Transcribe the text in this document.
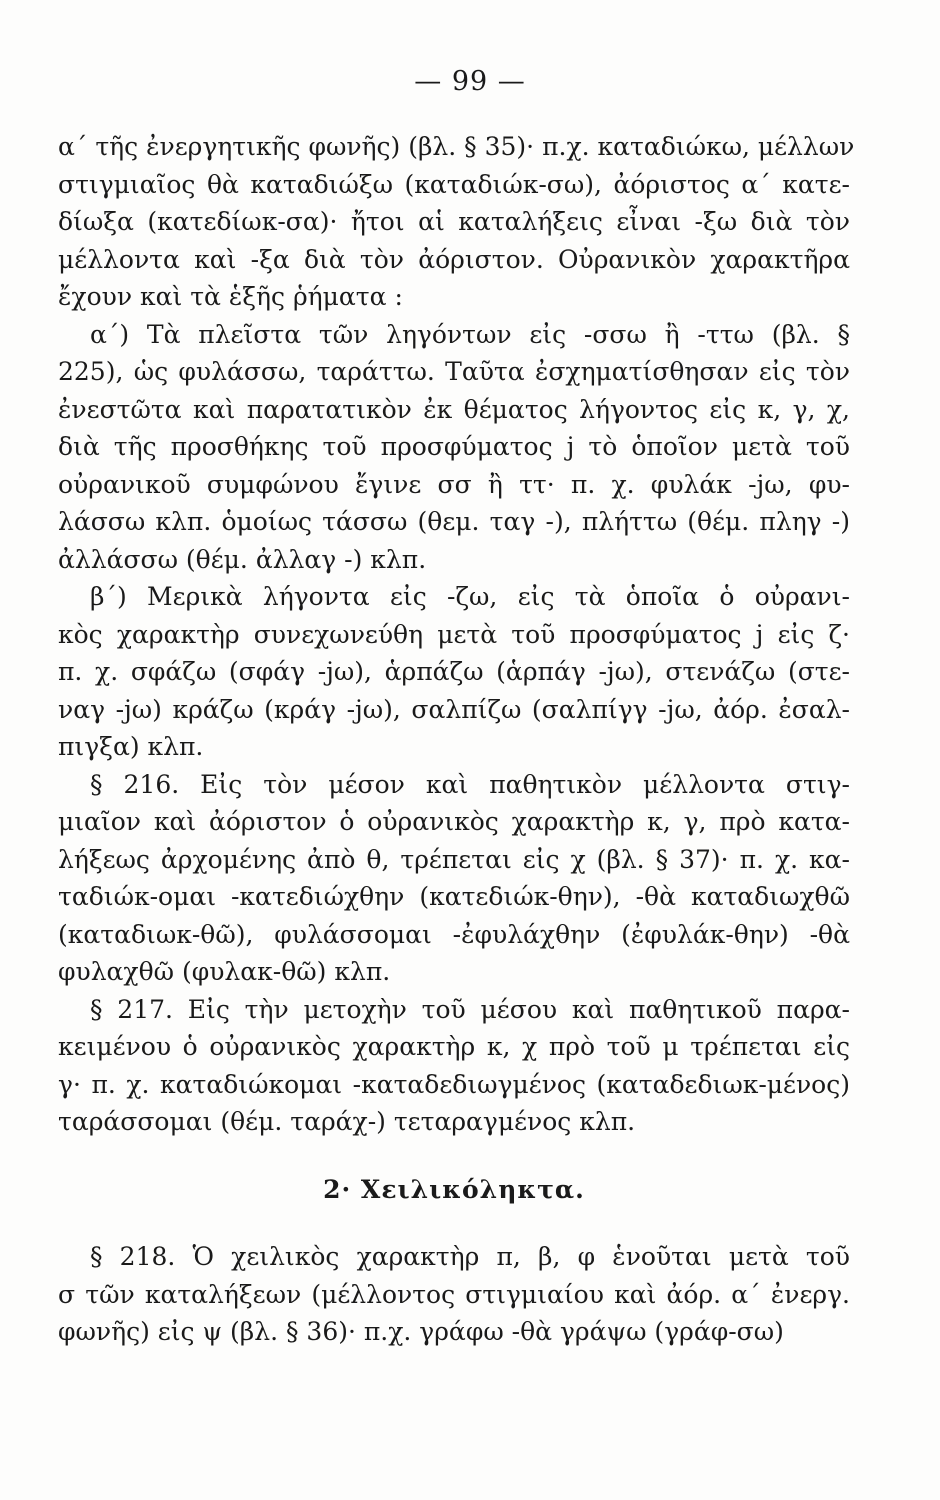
— 99 —
α΄ τῆς ἐνεργητικῆς φωνῆς) (βλ. § 35)· π.χ. καταδιώκω, μέλλων
στιγμιαῖος θὰ καταδιώξω (καταδιώκ-σω), ἀόριστος α΄ κατε-
δίωξα (κατεδίωκ-σα)· ἤτοι αἱ καταλήξεις εἶναι -ξω διὰ τὸν
μέλλοντα καὶ -ξα διὰ τὸν ἀόριστον. Οὐρανικὸν χαρακτῆρα
ἔχουν καὶ τὰ ἑξῆς ῥήματα :
α΄) Τὰ πλεῖστα τῶν ληγόντων εἰς -σσω ἢ -ττω (βλ. §
225), ὡς φυλάσσω, ταράττω. Ταῦτα ἐσχηματίσθησαν εἰς τὸν
ἐνεστῶτα καὶ παρατατικὸν ἐκ θέματος λήγοντος εἰς κ, γ, χ,
διὰ τῆς προσθήκης τοῦ προσφύματος j τὸ ὁποῖον μετὰ τοῦ
οὐρανικοῦ συμφώνου ἔγινε σσ ἢ ττ· π. χ. φυλάκ -jω, φυ-
λάσσω κλπ. ὁμοίως τάσσω (θεμ. ταγ -), πλήττω (θέμ. πληγ -)
ἀλλάσσω (θέμ. ἀλλαγ -) κλπ.
β΄) Μερικὰ λήγοντα εἰς -ζω, εἰς τὰ ὁποῖα ὁ οὐρανι-
κὸς χαρακτὴρ συνεχωνεύθη μετὰ τοῦ προσφύματος j εἰς ζ·
π. χ. σφάζω (σφάγ -jω), ἁρπάζω (ἁρπάγ -jω), στενάζω (στε-
ναγ -jω) κράζω (κράγ -jω), σαλπίζω (σαλπίγγ -jω, ἀόρ. ἐσαλ-
πιγξα) κλπ.
§ 216. Εἰς τὸν μέσον καὶ παθητικὸν μέλλοντα στιγ-
μιαῖον καὶ ἀόριστον ὁ οὐρανικὸς χαρακτὴρ κ, γ, πρὸ κατα-
λήξεως ἀρχομένης ἀπὸ θ, τρέπεται εἰς χ (βλ. § 37)· π. χ. κα-
ταδιώκ-ομαι -κατεδιώχθην (κατεδιώκ-θην), -θὰ καταδιωχθῶ
(καταδιωκ-θῶ), φυλάσσομαι -ἐφυλάχθην (ἐφυλάκ-θην) -θὰ
φυλαχθῶ (φυλακ-θῶ) κλπ.
§ 217. Εἰς τὴν μετοχὴν τοῦ μέσου καὶ παθητικοῦ παρα-
κειμένου ὁ οὐρανικὸς χαρακτὴρ κ, χ πρὸ τοῦ μ τρέπεται εἰς
γ· π. χ. καταδιώκομαι -καταδεδιωγμένος (καταδεδιωκ-μένος)
ταράσσομαι (θέμ. ταράχ-) τεταραγμένος κλπ.
2· Χειλικόληκτα.
§ 218. Ὁ χειλικὸς χαρακτὴρ π, β, φ ἑνοῦται μετὰ τοῦ
σ τῶν καταλήξεων (μέλλοντος στιγμιαίου καὶ ἀόρ. α΄ ἐνεργ.
φωνῆς) εἰς ψ (βλ. § 36)· π.χ. γράφω -θὰ γράψω (γράφ-σω)
